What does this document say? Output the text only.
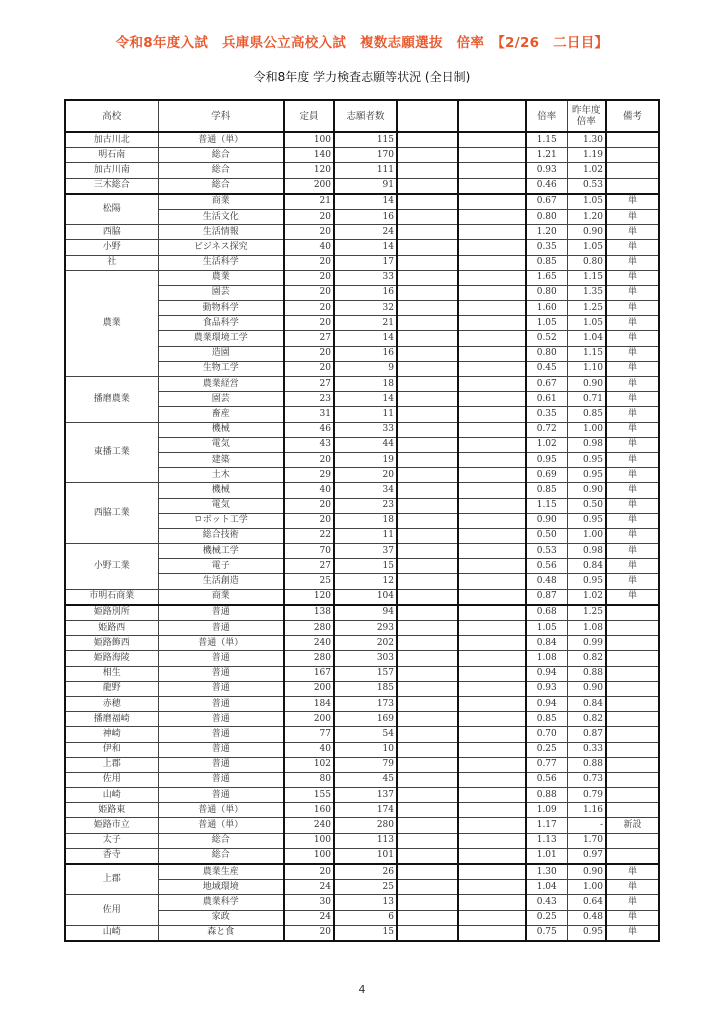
令和8年度入試　兵庫県公立高校入試　複数志願選抜　倍率　【2/26　二日目】
令和8年度 学力検査志願等状況 (全日制)
高校	学科	定員	志願者数			倍率	昨年度
倍率	備考
加古川北	普通（単）	100	115			1.15	1.30	
明石南	総合	140	170			1.21	1.19	
加古川南	総合	120	111			0.93	1.02	
三木総合	総合	200	91			0.46	0.53	
松陽	商業	21	14			0.67	1.05	単
	生活文化	20	16			0.80	1.20	単
西脇	生活情報	20	24			1.20	0.90	単
小野	ビジネス探究	40	14			0.35	1.05	単
社	生活科学	20	17			0.85	0.80	単
農業	農業	20	33			1.65	1.15	単
	園芸	20	16			0.80	1.35	単
	動物科学	20	32			1.60	1.25	単
	食品科学	20	21			1.05	1.05	単
	農業環境工学	27	14			0.52	1.04	単
	造園	20	16			0.80	1.15	単
	生物工学	20	9			0.45	1.10	単
播磨農業	農業経営	27	18			0.67	0.90	単
	園芸	23	14			0.61	0.71	単
	畜産	31	11			0.35	0.85	単
東播工業	機械	46	33			0.72	1.00	単
	電気	43	44			1.02	0.98	単
	建築	20	19			0.95	0.95	単
	土木	29	20			0.69	0.95	単
西脇工業	機械	40	34			0.85	0.90	単
	電気	20	23			1.15	0.50	単
	ロボット工学	20	18			0.90	0.95	単
	総合技術	22	11			0.50	1.00	単
小野工業	機械工学	70	37			0.53	0.98	単
	電子	27	15			0.56	0.84	単
	生活創造	25	12			0.48	0.95	単
市明石商業	商業	120	104			0.87	1.02	単
姫路別所	普通	138	94			0.68	1.25	
姫路西	普通	280	293			1.05	1.08	
姫路飾西	普通（単）	240	202			0.84	0.99	
姫路海陵	普通	280	303			1.08	0.82	
相生	普通	167	157			0.94	0.88	
龍野	普通	200	185			0.93	0.90	
赤穂	普通	184	173			0.94	0.84	
播磨福崎	普通	200	169			0.85	0.82	
神崎	普通	77	54			0.70	0.87	
伊和	普通	40	10			0.25	0.33	
上郡	普通	102	79			0.77	0.88	
佐用	普通	80	45			0.56	0.73	
山崎	普通	155	137			0.88	0.79	
姫路東	普通（単）	160	174			1.09	1.16	
姫路市立	普通（単）	240	280			1.17	-	新設
太子	総合	100	113			1.13	1.70	
香寺	総合	100	101			1.01	0.97	
上郡	農業生産	20	26			1.30	0.90	単
	地域環境	24	25			1.04	1.00	単
佐用	農業科学	30	13			0.43	0.64	単
	家政	24	6			0.25	0.48	単
山崎	森と食	20	15			0.75	0.95	単
4
